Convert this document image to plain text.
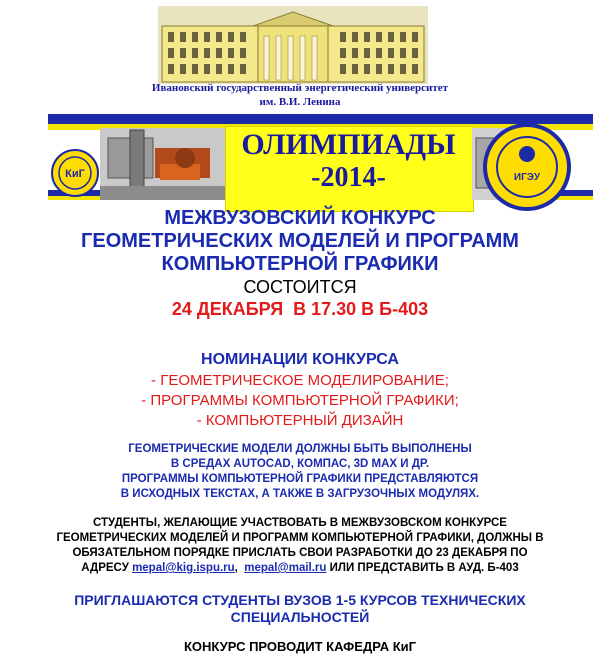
Ивановский государственный энергетический университет
им. В.И. Ленина
КиГ
ОЛИМПИАДЫ
-2014-	ИГЭУ
МЕЖВУЗОВСКИЙ КОНКУРС
ГЕОМЕТРИЧЕСКИХ МОДЕЛЕЙ И ПРОГРАММ
КОМПЬЮТЕРНОЙ ГРАФИКИ
СОСТОИТСЯ
24 ДЕКАБРЯ  В 17.30 В Б-403
НОМИНАЦИИ КОНКУРСА
- ГЕОМЕТРИЧЕСКОЕ МОДЕЛИРОВАНИЕ;
- ПРОГРАММЫ КОМПЬЮТЕРНОЙ ГРАФИКИ;
- КОМПЬЮТЕРНЫЙ ДИЗАЙН
ГЕОМЕТРИЧЕСКИЕ МОДЕЛИ ДОЛЖНЫ БЫТЬ ВЫПОЛНЕНЫ
В СРЕДАХ AUTOCAD, КОМПАС, 3D MAX И ДР.
ПРОГРАММЫ КОМПЬЮТЕРНОЙ ГРАФИКИ ПРЕДСТАВЛЯЮТСЯ
В ИСХОДНЫХ ТЕКСТАХ, А ТАКЖЕ В ЗАГРУЗОЧНЫХ МОДУЛЯХ.
СТУДЕНТЫ, ЖЕЛАЮЩИЕ УЧАСТВОВАТЬ В МЕЖВУЗОВСКОМ КОНКУРСЕ
ГЕОМЕТРИЧЕСКИХ МОДЕЛЕЙ И ПРОГРАММ КОМПЬЮТЕРНОЙ ГРАФИКИ, ДОЛЖНЫ В
ОБЯЗАТЕЛЬНОМ ПОРЯДКЕ ПРИСЛАТЬ СВОИ РАЗРАБОТКИ ДО 23 ДЕКАБРЯ ПО
АДРЕСУ mepal@kig.ispu.ru,  mepal@mail.ru ИЛИ ПРЕДСТАВИТЬ В АУД. Б-403
ПРИГЛАШАЮТСЯ СТУДЕНТЫ ВУЗОВ 1-5 КУРСОВ ТЕХНИЧЕСКИХ
СПЕЦИАЛЬНОСТЕЙ
КОНКУРС ПРОВОДИТ КАФЕДРА КиГ
